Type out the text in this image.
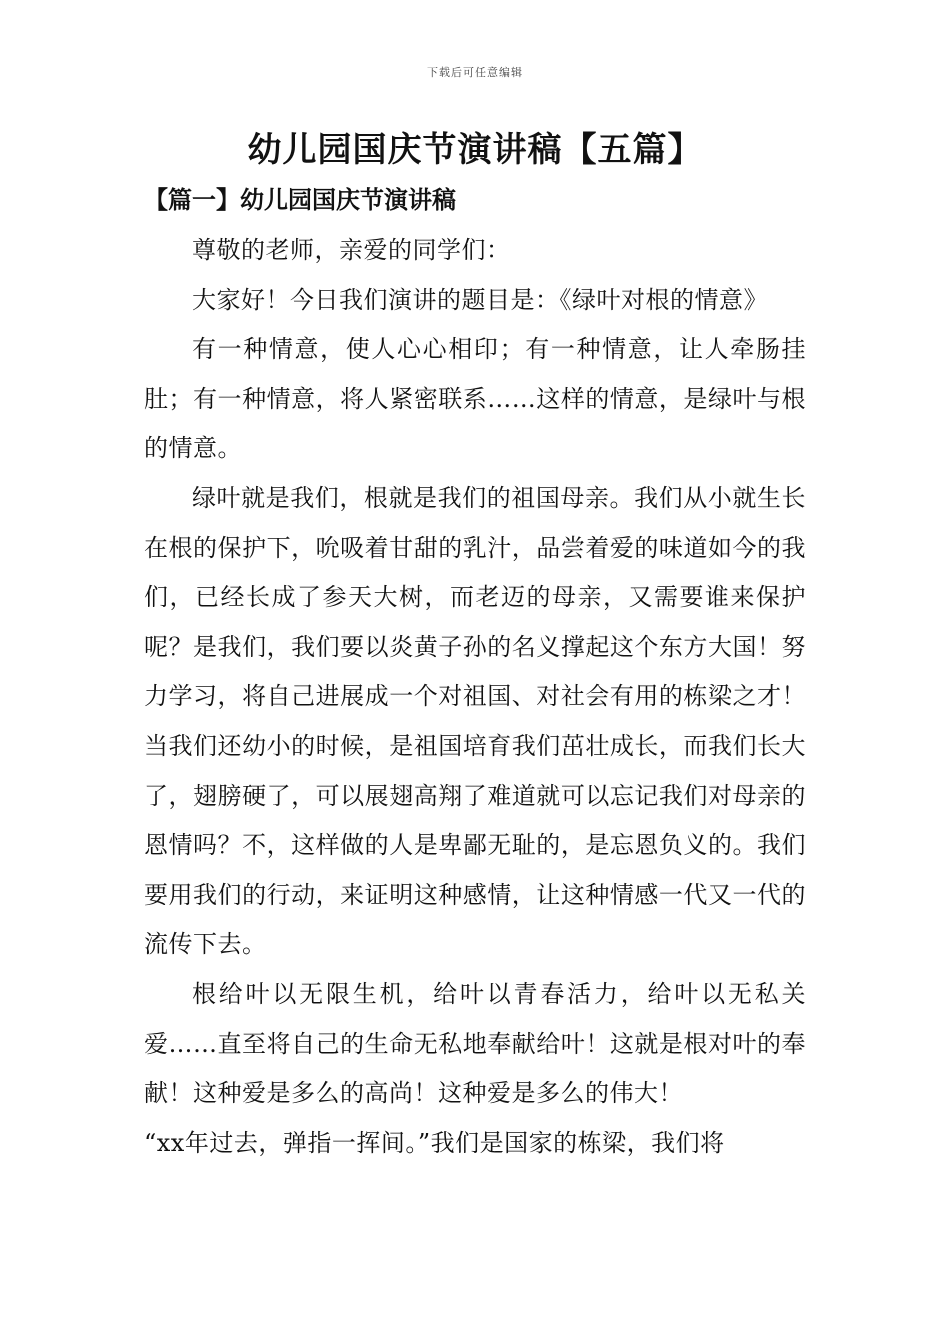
下载后可任意编辑
幼儿园国庆节演讲稿【五篇】
【篇一】幼儿园国庆节演讲稿

尊敬的老师，亲爱的同学们：

大家好！今日我们演讲的题目是：《绿叶对根的情意》

有一种情意，使人心心相印；有一种情意，让人牵肠挂肚；有一种情意，将人紧密联系……这样的情意，是绿叶与根的情意。

绿叶就是我们，根就是我们的祖国母亲。我们从小就生长在根的保护下，吮吸着甘甜的乳汁，品尝着爱的味道如今的我们，已经长成了参天大树，而老迈的母亲，又需要谁来保护呢？是我们，我们要以炎黄子孙的名义撑起这个东方大国！努力学习，将自己进展成一个对祖国、对社会有用的栋梁之才！当我们还幼小的时候，是祖国培育我们茁壮成长，而我们长大了，翅膀硬了，可以展翅高翔了难道就可以忘记我们对母亲的恩情吗？不，这样做的人是卑鄙无耻的，是忘恩负义的。我们要用我们的行动，来证明这种感情，让这种情感一代又一代的流传下去。

根给叶以无限生机，给叶以青春活力，给叶以无私关爱……直至将自己的生命无私地奉献给叶！这就是根对叶的奉献！这种爱是多么的高尚！这种爱是多么的伟大！

“xx年过去，弹指一挥间。”我们是国家的栋梁，我们将
